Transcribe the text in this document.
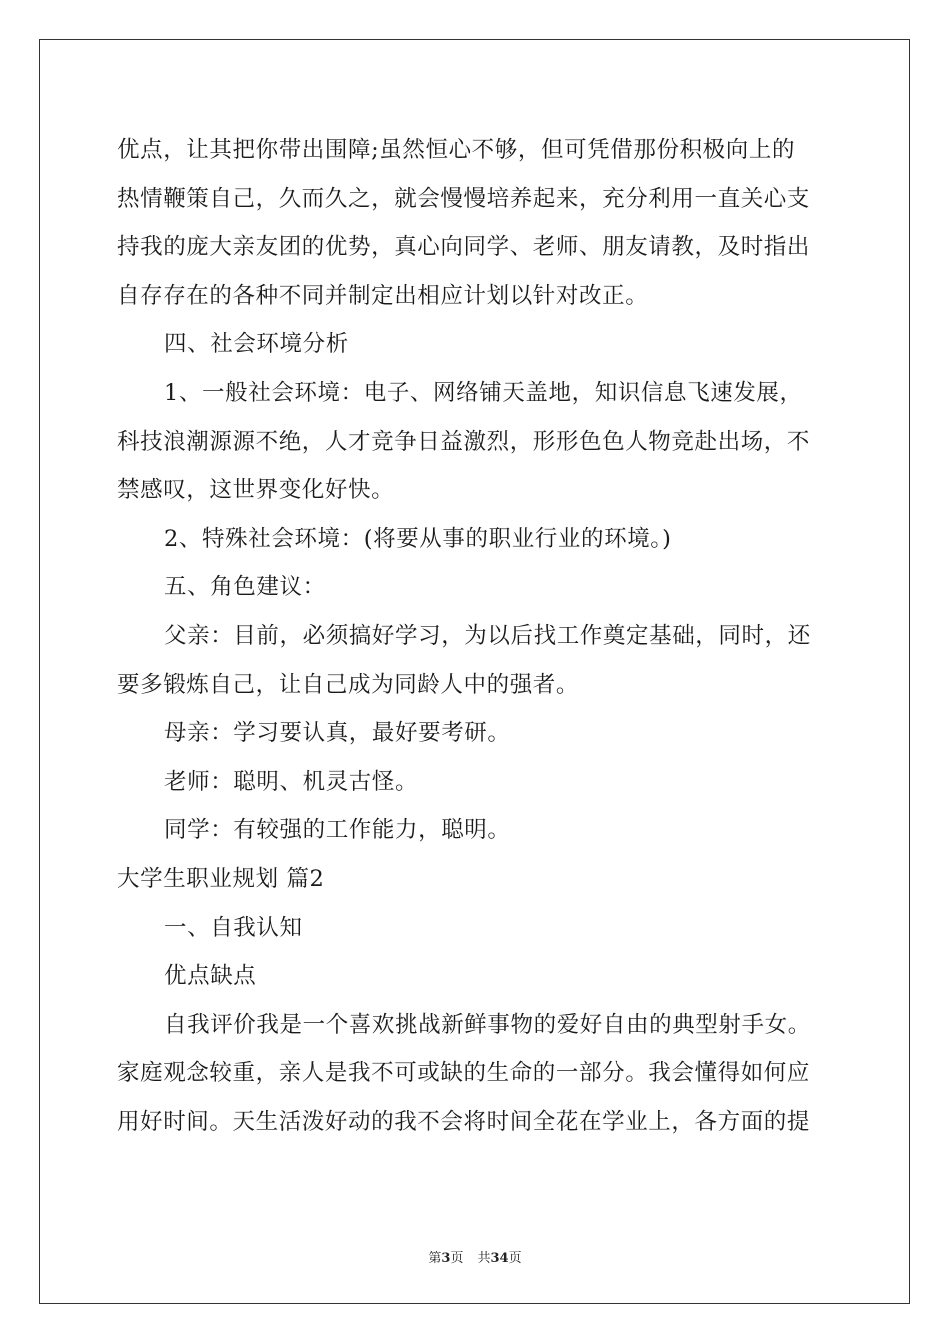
优点，让其把你带出围障;虽然恒心不够，但可凭借那份积极向上的

热情鞭策自己，久而久之，就会慢慢培养起来，充分利用一直关心支

持我的庞大亲友团的优势，真心向同学、老师、朋友请教，及时指出

自存存在的各种不同并制定出相应计划以针对改正。

四、社会环境分析

1、一般社会环境：电子、网络铺天盖地，知识信息飞速发展，

科技浪潮源源不绝，人才竞争日益激烈，形形色色人物竞赴出场，不

禁感叹，这世界变化好快。

2、特殊社会环境：(将要从事的职业行业的环境。)

五、角色建议：

父亲：目前，必须搞好学习，为以后找工作奠定基础，同时，还

要多锻炼自己，让自己成为同龄人中的强者。

母亲：学习要认真，最好要考研。

老师：聪明、机灵古怪。

同学：有较强的工作能力，聪明。

大学生职业规划 篇2

一、自我认知

优点缺点

自我评价我是一个喜欢挑战新鲜事物的爱好自由的典型射手女。

家庭观念较重，亲人是我不可或缺的生命的一部分。我会懂得如何应

用好时间。天生活泼好动的我不会将时间全花在学业上，各方面的提

第3页 共34页
